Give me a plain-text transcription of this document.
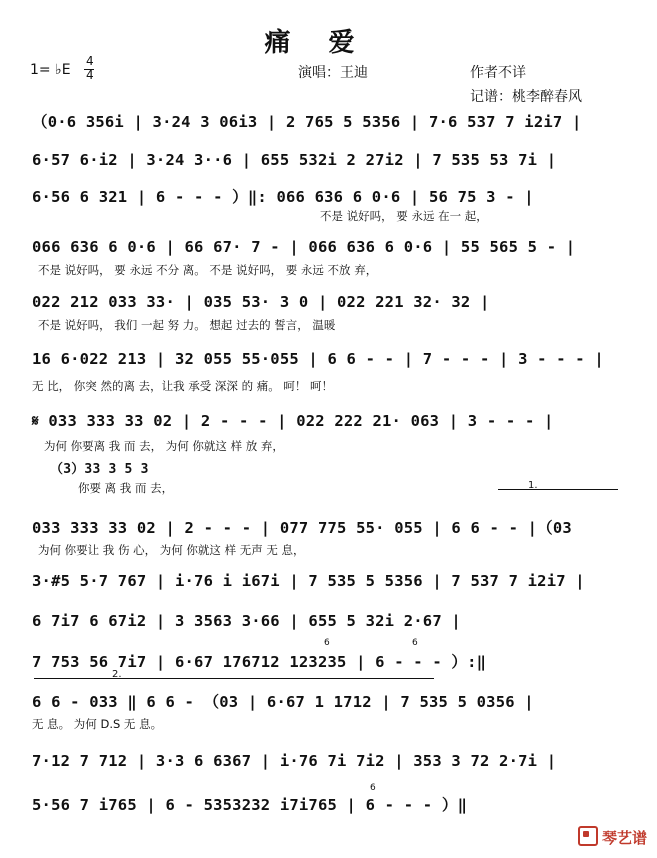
痛爱
1= ♭E
4
4	演唱：王迪	作者不详
记谱：桃李醉春风
（0·6 356i | 3·24 3 06i3 | 2 765 5 5356 | 7·6 537 7 i2i7 |
6·57 6·i2 | 3·24 3··6 | 655 532i 2 27i2 | 7 535 53 7i |
6·56 6 321 | 6 - - - ）‖: 066 636 6 0·6 | 56 75 3 - |
不是 说好吗， 要 永远 在一 起，
066 636 6 0·6 | 66 67· 7 - | 066 636 6 0·6 | 55 565 5 - |
不是 说好吗， 要 永远 不分 离。 不是 说好吗， 要 永远 不放 弃，
022 212 033 33· | 035 53· 3 0 | 022 221 32· 32 |
不是 说好吗， 我们 一起 努 力。 想起 过去的 誓言， 温暖
16 6·022 213 | 32 055 55·055 | 6 6 - - | 7 - - - | 3 - - - |
无 比， 你突 然的离 去，让我 承受 深深 的 痛。 呵！ 呵！
𝄋 033 333 33 02 | 2 - - - | 022 222 21· 063 | 3 - - - |
为何 你要离 我 而 去， 为何 你就这 样 放 弃，
（3）33 3 5 3
你要 离 我 而 去，	1.
033 333 33 02 | 2 - - - | 077 775 55· 055 | 6 6 - - |（03
为何 你要让 我 伤 心， 为何 你就这 样 无声 无 息，
3·#5 5·7 767 | i·76 i i67i | 7 535 5 5356 | 7 537 7 i2i7 |
6 7i7 6 67i2 | 3 3563 3·66 | 655 5 32i 2·67 |
7 753 56 7i7 | 6·67 176712 123235 | 6 - - - ）:‖
2.
6 6 - 033 ‖ 6 6 - （03 | 6·67 1 1712 | 7 535 5 0356 |
无 息。 为何 D.S 无 息。
7·12 7 712 | 3·3 6 6367 | i·76 7i 7i2 | 353 3 72 2·7i |
5·56 7 i765 | 6 - 5353232 i7i765 | 6 - - - ）‖
6	6
6
琴艺谱
